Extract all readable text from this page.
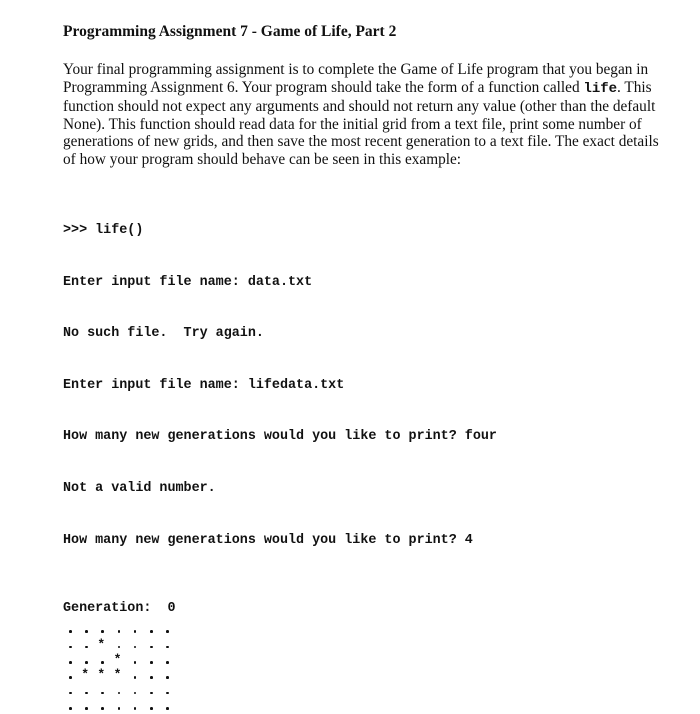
Programming Assignment 7 - Game of Life, Part 2

Your final programming assignment is to complete the Game of Life program that you began in Programming Assignment 6. Your program should take the form of a function called life. This function should not expect any arguments and should not return any value (other than the default None). This function should read data for the initial grid from a text file, print some number of generations of new grids, and then save the most recent generation to a text file. The exact details of how your program should behave can be seen in this example:

>>> life()

Enter input file name: data.txt

No such file.  Try again.

Enter input file name: lifedata.txt

How many new generations would you like to print? four

Not a valid number.

How many new generations would you like to print? 4

Generation: 0
*
*
*
*
*
